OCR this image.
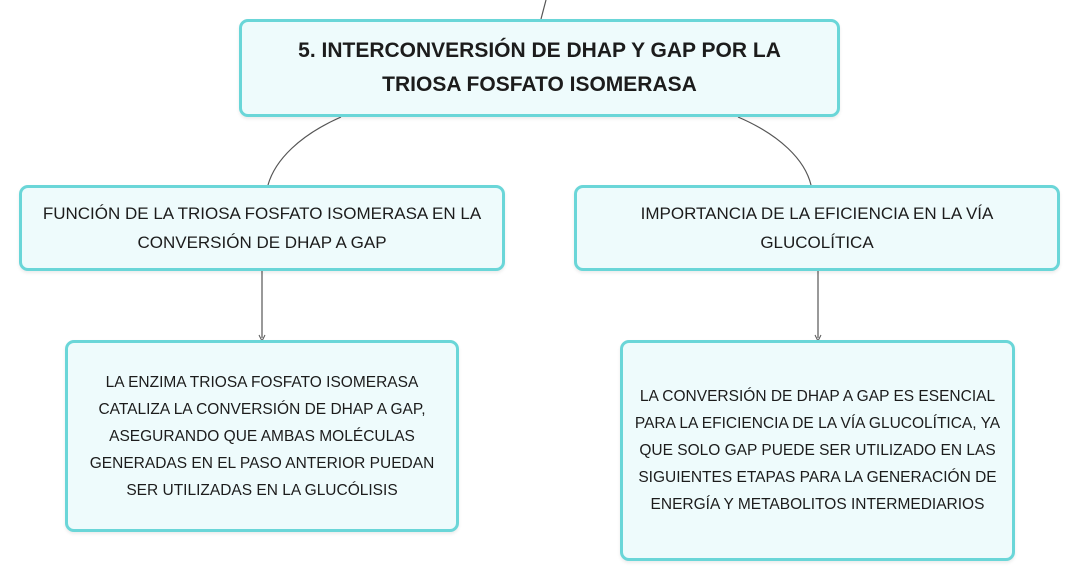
5. INTERCONVERSIÓN DE DHAP Y GAP POR LA TRIOSA FOSFATO ISOMERASA
FUNCIÓN DE LA TRIOSA FOSFATO ISOMERASA EN LA CONVERSIÓN DE DHAP A GAP
IMPORTANCIA DE LA EFICIENCIA EN LA VÍA GLUCOLÍTICA
LA ENZIMA TRIOSA FOSFATO ISOMERASA CATALIZA LA CONVERSIÓN DE DHAP A GAP, ASEGURANDO QUE AMBAS MOLÉCULAS GENERADAS EN EL PASO ANTERIOR PUEDAN SER UTILIZADAS EN LA GLUCÓLISIS
LA CONVERSIÓN DE DHAP A GAP ES ESENCIAL PARA LA EFICIENCIA DE LA VÍA GLUCOLÍTICA, YA QUE SOLO GAP PUEDE SER UTILIZADO EN LAS SIGUIENTES ETAPAS PARA LA GENERACIÓN DE ENERGÍA Y METABOLITOS INTERMEDIARIOS
